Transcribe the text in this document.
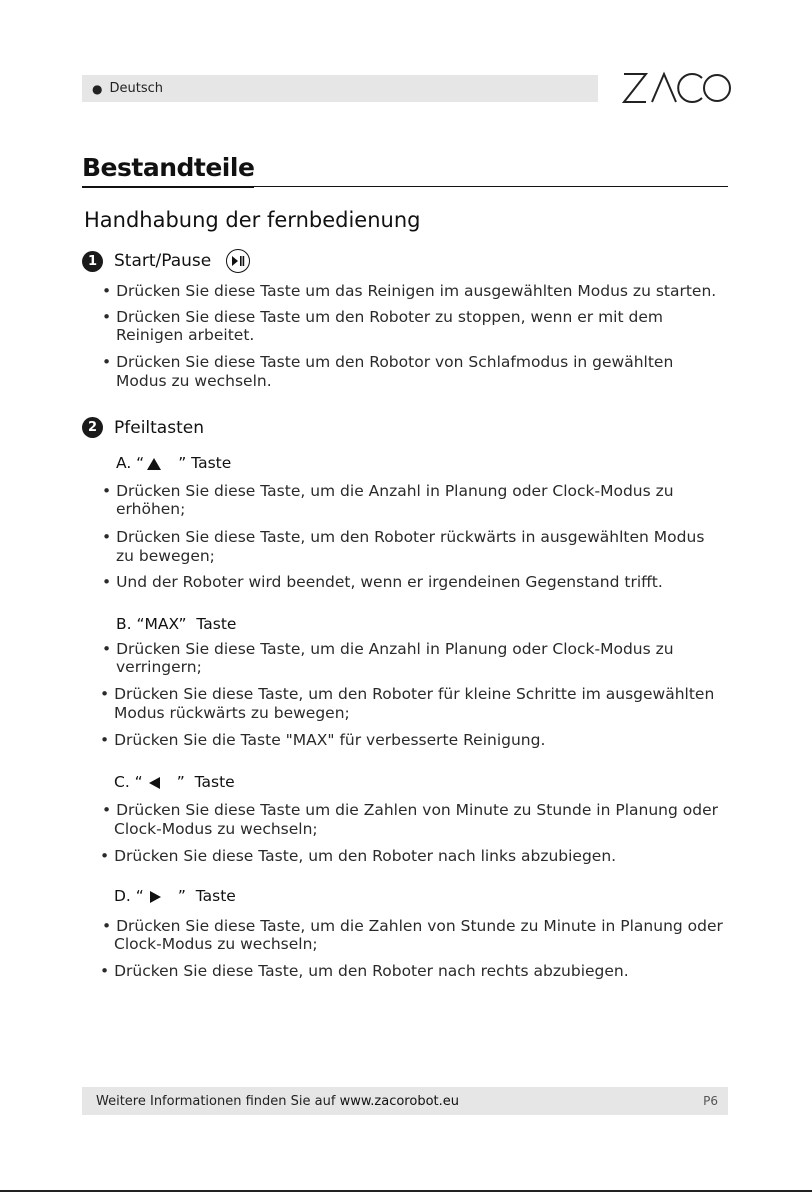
● Deutsch
Bestandteile
Handhabung der fernbedienung
1 Start/Pause
• Drücken Sie diese Taste um das Reinigen im ausgewählten Modus zu starten.
• Drücken Sie diese Taste um den Roboter zu stoppen, wenn er mit dem
Reinigen arbeitet.
• Drücken Sie diese Taste um den Robotor von Schlafmodus in gewählten
Modus zu wechseln.
2 Pfeiltasten
A. “ ” Taste
• Drücken Sie diese Taste, um die Anzahl in Planung oder Clock-Modus zu
erhöhen;
• Drücken Sie diese Taste, um den Roboter rückwärts in ausgewählten Modus
zu bewegen;
• Und der Roboter wird beendet, wenn er irgendeinen Gegenstand trifft.
B. “MAX”  Taste
• Drücken Sie diese Taste, um die Anzahl in Planung oder Clock-Modus zu
verringern;
• Drücken Sie diese Taste, um den Roboter für kleine Schritte im ausgewählten
Modus rückwärts zu bewegen;
• Drücken Sie die Taste "MAX" für verbesserte Reinigung.
C. “ ”  Taste
• Drücken Sie diese Taste um die Zahlen von Minute zu Stunde in Planung oder
Clock-Modus zu wechseln;
• Drücken Sie diese Taste, um den Roboter nach links abzubiegen.
D. “ ”  Taste
• Drücken Sie diese Taste, um die Zahlen von Stunde zu Minute in Planung oder
Clock-Modus zu wechseln;
• Drücken Sie diese Taste, um den Roboter nach rechts abzubiegen.
Weitere Informationen finden Sie auf www.zacorobot.eu	P6
